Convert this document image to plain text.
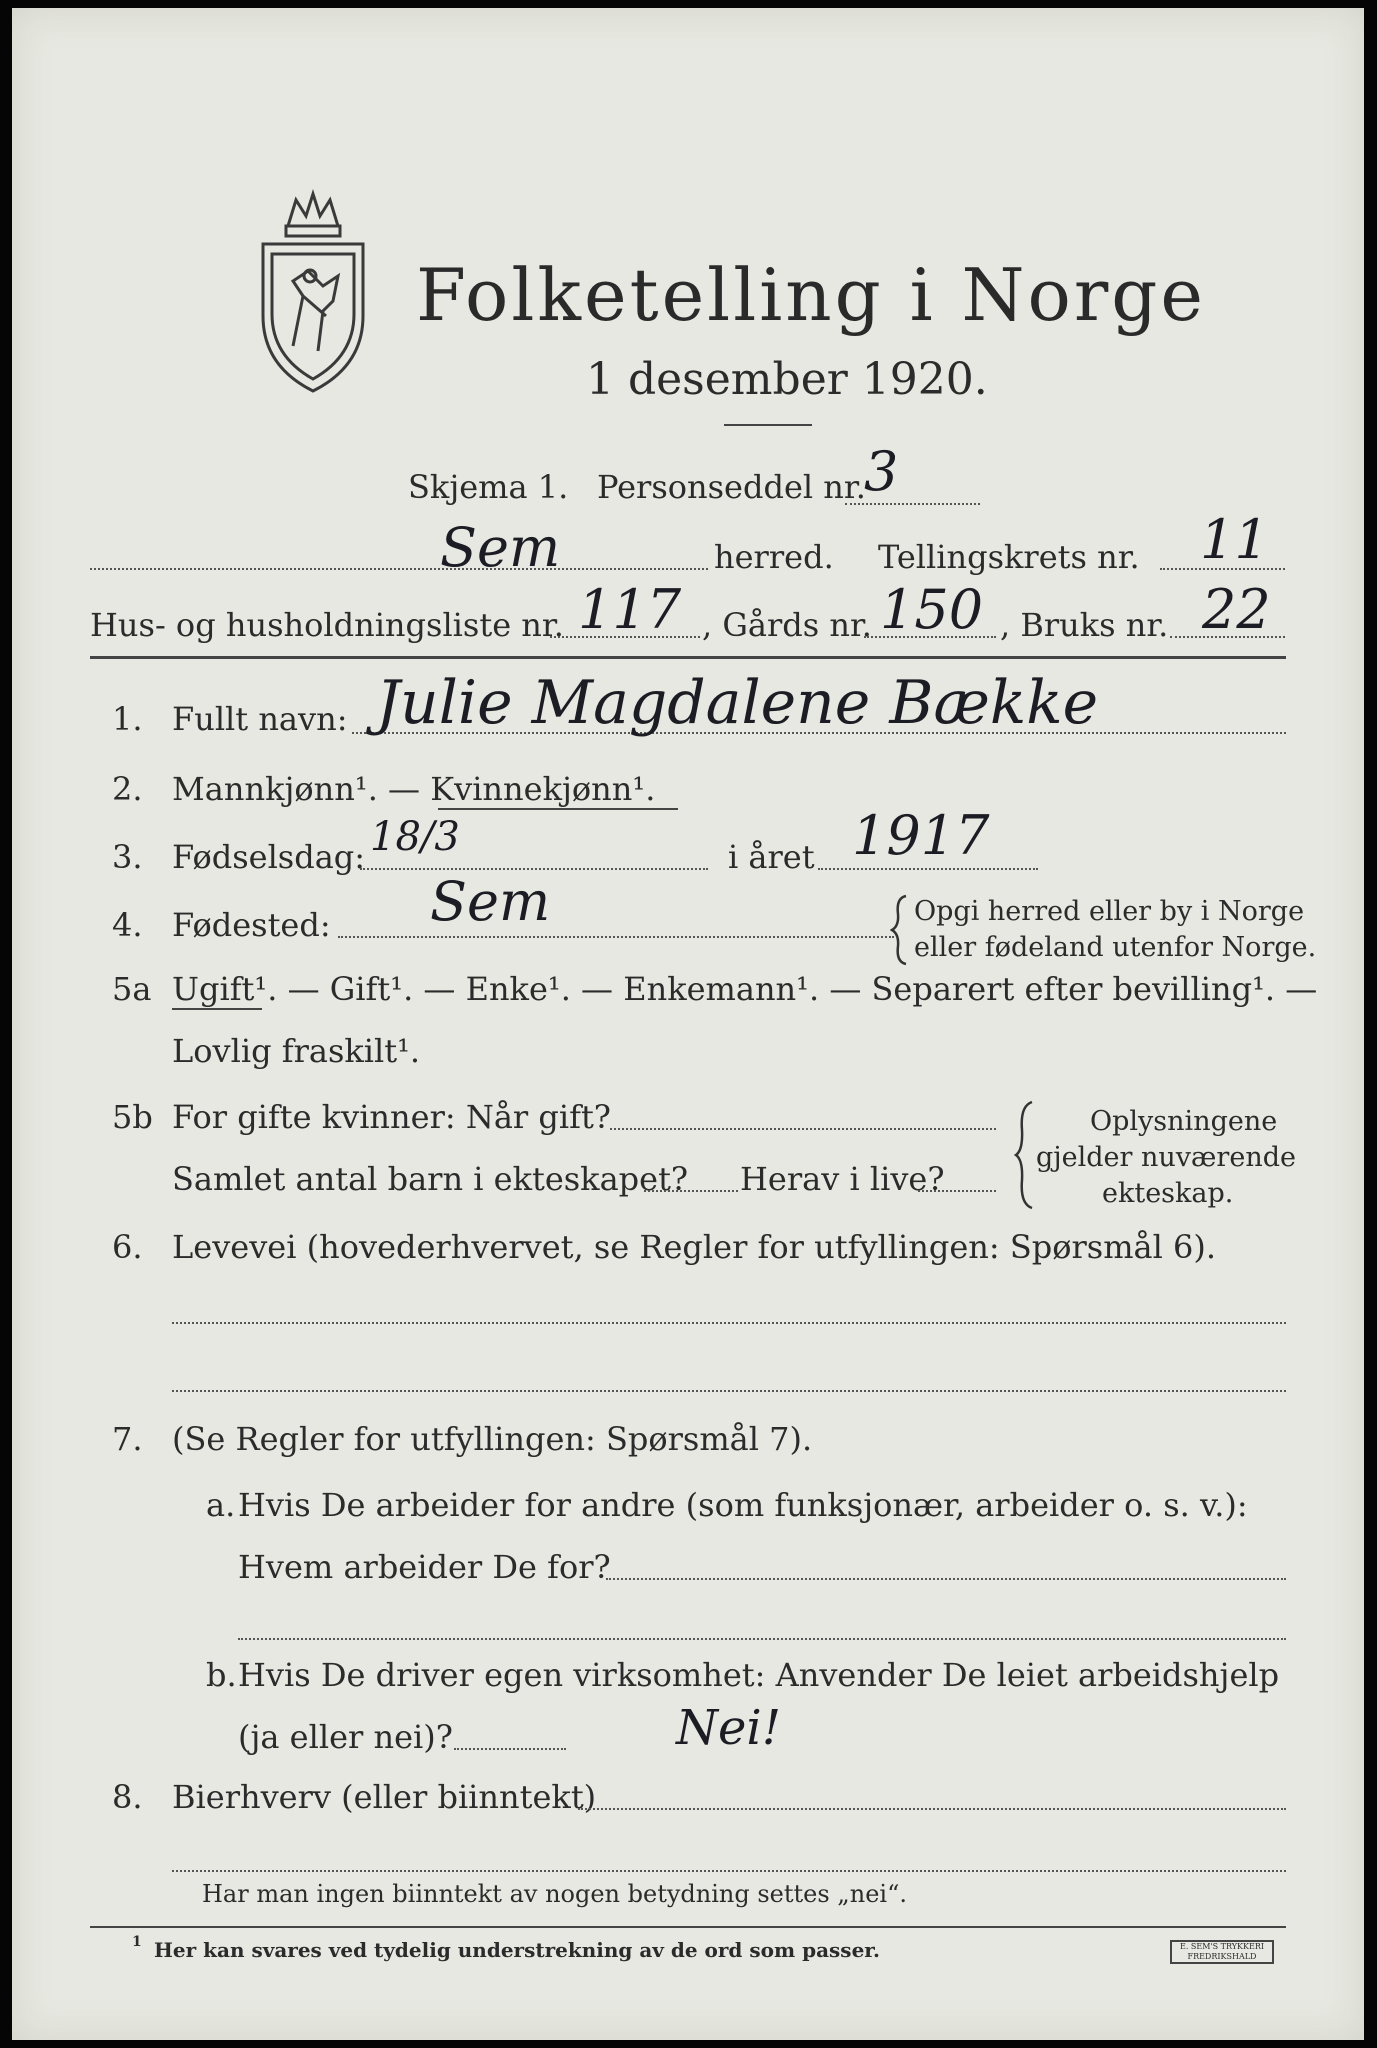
Folketelling i Norge
1 desember 1920.
Skjema 1. Personseddel nr.
3
Sem	herred. Tellingskrets nr. 11
Hus- og husholdningsliste nr. 117 , Gårds nr. 150 , Bruks nr. 22
1. Fullt navn: Julie Magdalene Bække
2. Mannkjønn¹. — Kvinnekjønn¹.
3. Fødselsdag: 18/3	i året 1917
4. Fødested: Sem	Opgi herred eller by i Norge
eller fødeland utenfor Norge.
5a Ugift¹. — Gift¹. — Enke¹. — Enkemann¹. — Separert efter bevilling¹. —
Lovlig fraskilt¹.
5b For gifte kvinner: Når gift?
Samlet antal barn i ekteskapet? Herav i live?
Oplysningene
gjelder nuværende
ekteskap.
6. Levevei (hovederhvervet, se Regler for utfyllingen: Spørsmål 6).
7. (Se Regler for utfyllingen: Spørsmål 7).
a. Hvis De arbeider for andre (som funksjonær, arbeider o. s. v.):
Hvem arbeider De for?
b. Hvis De driver egen virksomhet: Anvender De leiet arbeidshjelp
(ja eller nei)?	Nei!
8. Bierhverv (eller biinntekt)
Har man ingen biinntekt av nogen betydning settes „nei“.
1 Her kan svares ved tydelig understrekning av de ord som passer.	E. SEM'S TRYKKERI FREDRIKSHALD
